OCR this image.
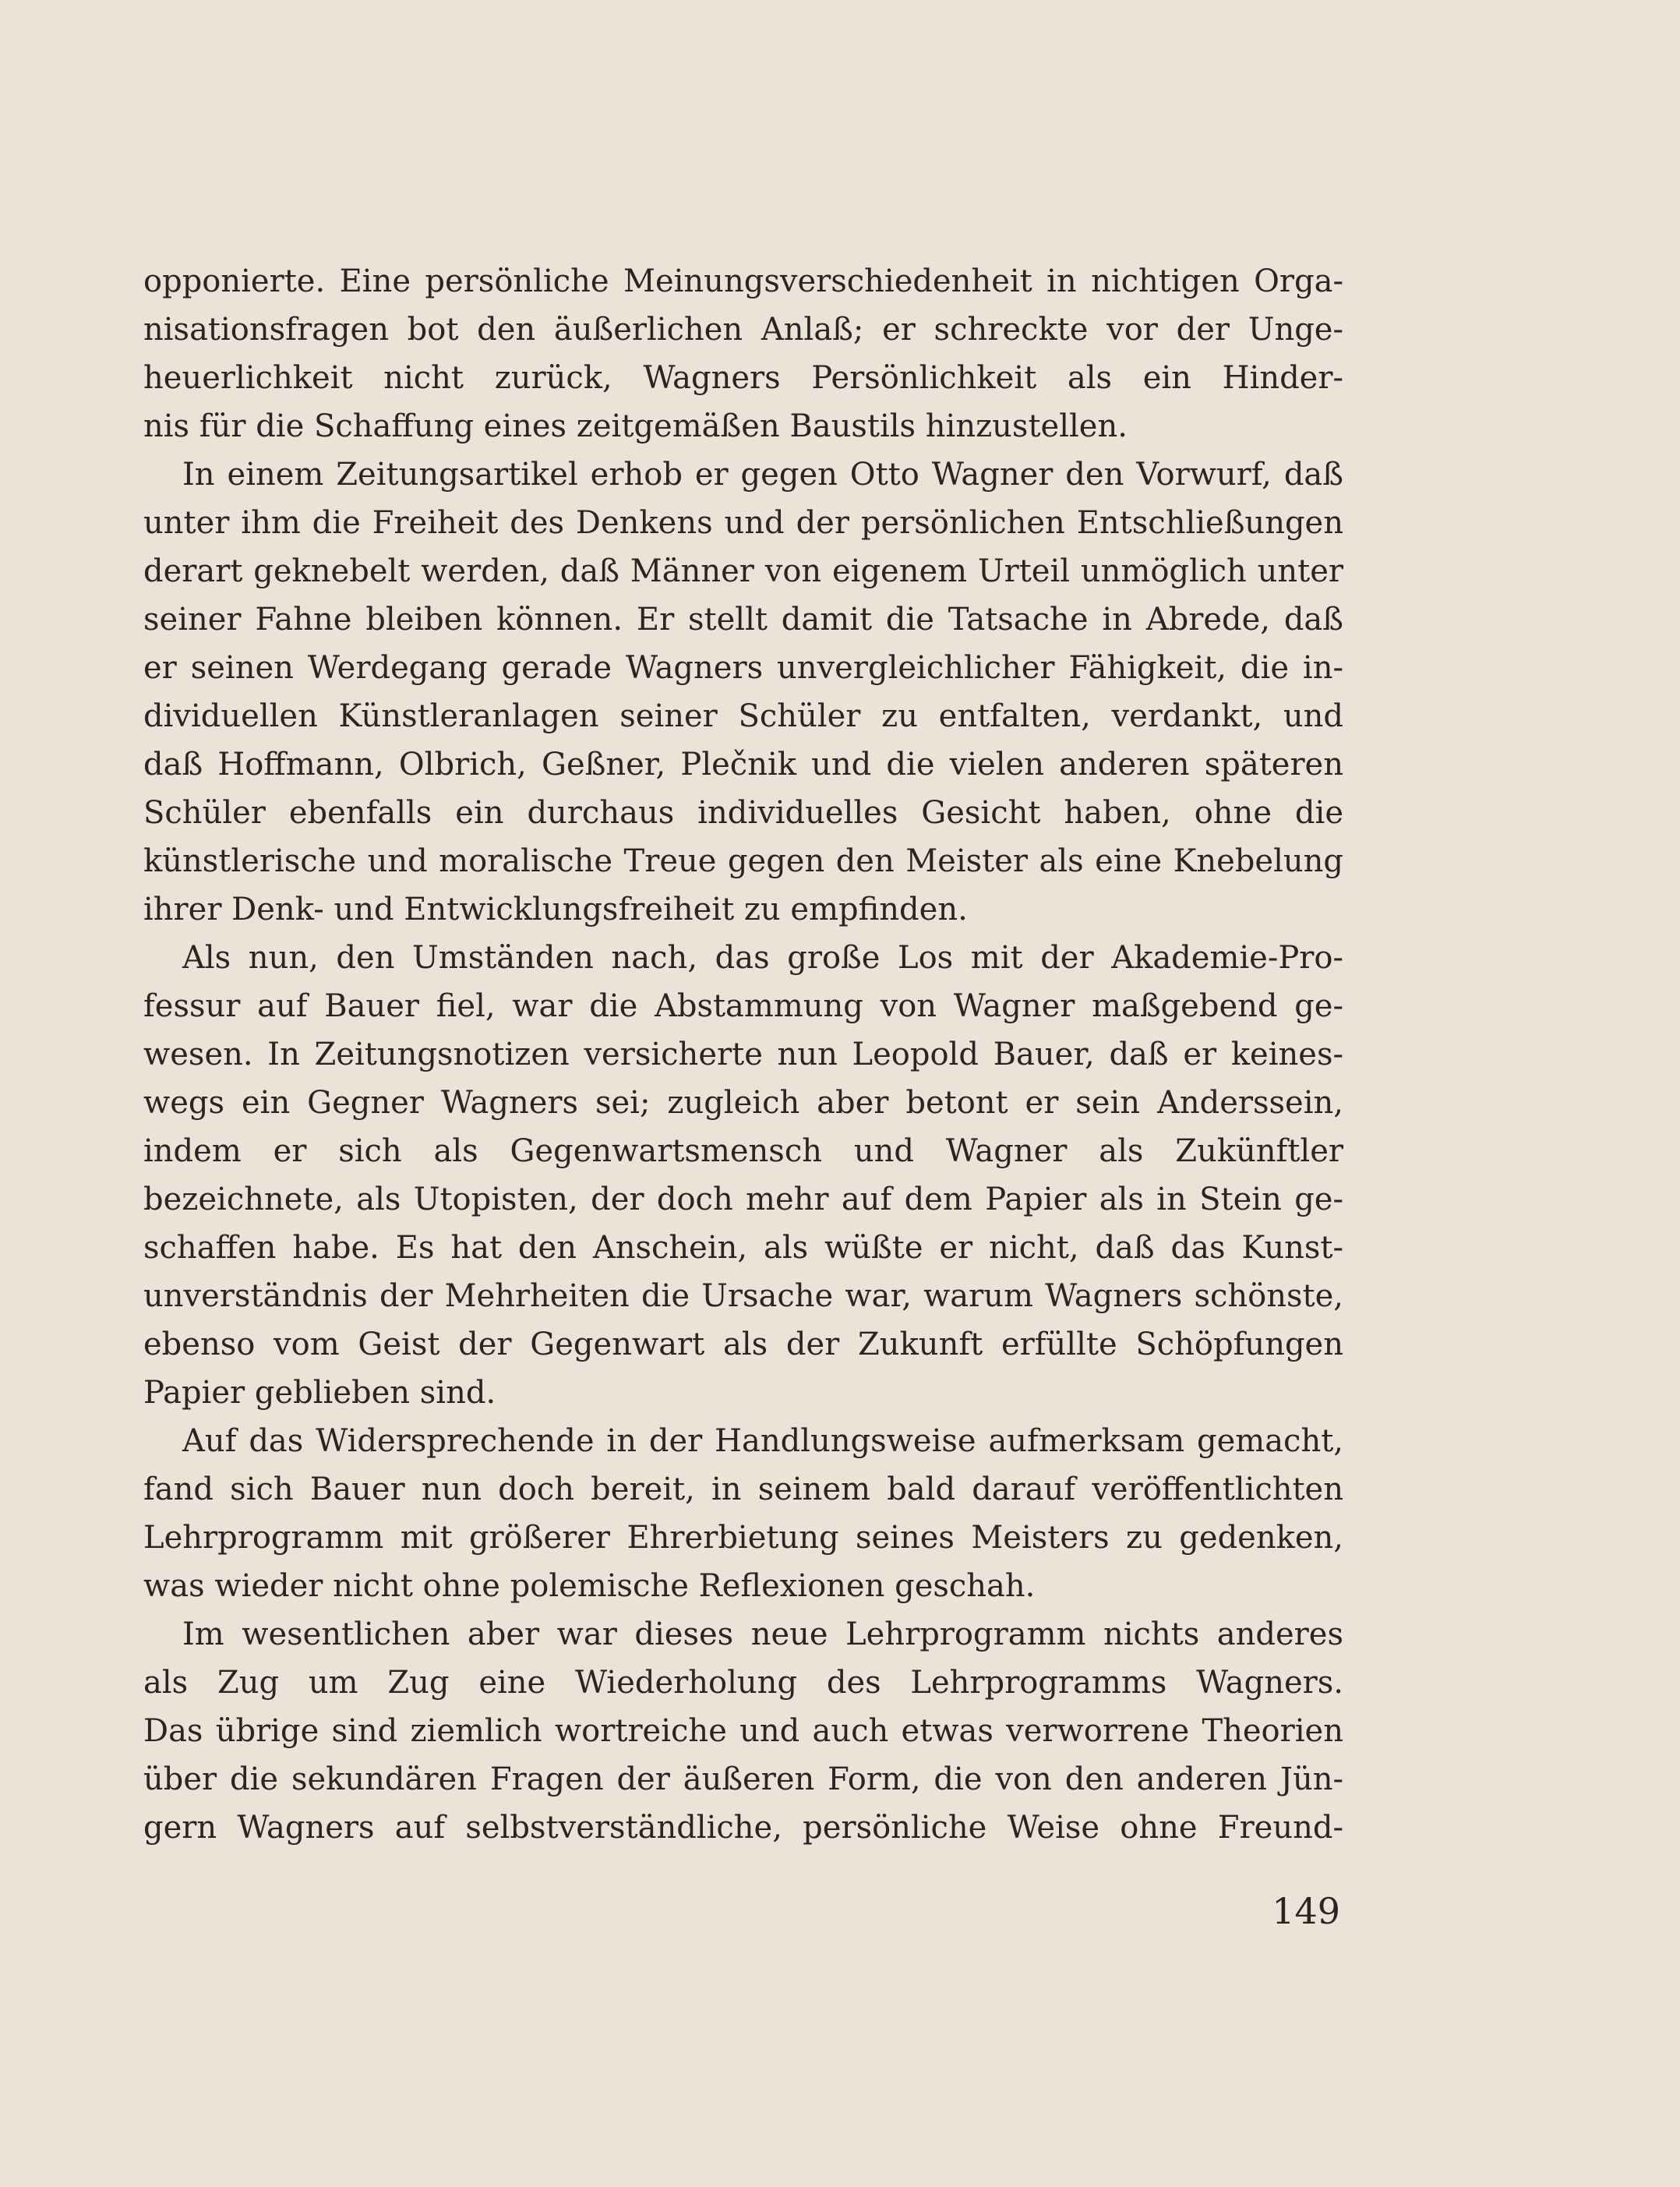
opponierte. Eine persönliche Meinungsverschiedenheit in nichtigen Orga-
nisationsfragen bot den äußerlichen Anlaß; er schreckte vor der Unge-
heuerlichkeit nicht zurück, Wagners Persönlichkeit als ein Hinder-
nis für die Schaffung eines zeitgemäßen Baustils hinzustellen.
In einem Zeitungsartikel erhob er gegen Otto Wagner den Vorwurf, daß
unter ihm die Freiheit des Denkens und der persönlichen Entschließungen
derart geknebelt werden, daß Männer von eigenem Urteil unmöglich unter
seiner Fahne bleiben können. Er stellt damit die Tatsache in Abrede, daß
er seinen Werdegang gerade Wagners unvergleichlicher Fähigkeit, die in-
dividuellen Künstleranlagen seiner Schüler zu entfalten, verdankt, und
daß Hoffmann, Olbrich, Geßner, Plečnik und die vielen anderen späteren
Schüler ebenfalls ein durchaus individuelles Gesicht haben, ohne die
künstlerische und moralische Treue gegen den Meister als eine Knebelung
ihrer Denk- und Entwicklungsfreiheit zu empfinden.
Als nun, den Umständen nach, das große Los mit der Akademie-Pro-
fessur auf Bauer fiel, war die Abstammung von Wagner maßgebend ge-
wesen. In Zeitungsnotizen versicherte nun Leopold Bauer, daß er keines-
wegs ein Gegner Wagners sei; zugleich aber betont er sein Anderssein,
indem er sich als Gegenwartsmensch und Wagner als Zukünftler
bezeichnete, als Utopisten, der doch mehr auf dem Papier als in Stein ge-
schaffen habe. Es hat den Anschein, als wüßte er nicht, daß das Kunst-
unverständnis der Mehrheiten die Ursache war, warum Wagners schönste,
ebenso vom Geist der Gegenwart als der Zukunft erfüllte Schöpfungen
Papier geblieben sind.
Auf das Widersprechende in der Handlungsweise aufmerksam gemacht,
fand sich Bauer nun doch bereit, in seinem bald darauf veröffentlichten
Lehrprogramm mit größerer Ehrerbietung seines Meisters zu gedenken,
was wieder nicht ohne polemische Reflexionen geschah.
Im wesentlichen aber war dieses neue Lehrprogramm nichts anderes
als Zug um Zug eine Wiederholung des Lehrprogramms Wagners.
Das übrige sind ziemlich wortreiche und auch etwas verworrene Theorien
über die sekundären Fragen der äußeren Form, die von den anderen Jün-
gern Wagners auf selbstverständliche, persönliche Weise ohne Freund-
149
